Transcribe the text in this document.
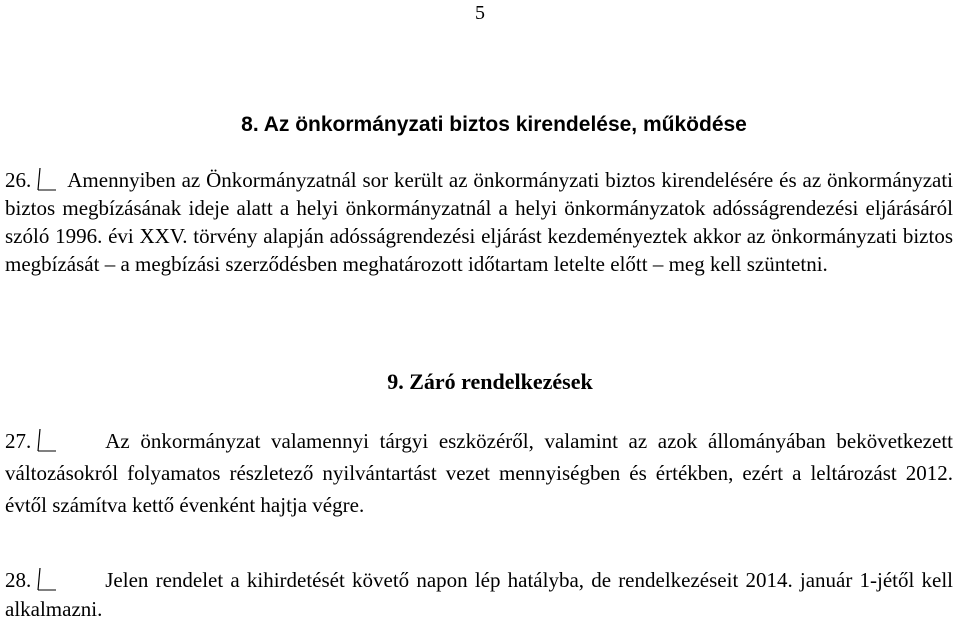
5
8. Az önkormányzati biztos kirendelése, működése
26. Amennyiben az Önkormányzatnál sor került az önkormányzati biztos kirendelésére és az önkormányzati biztos megbízásának ideje alatt a helyi önkormányzatnál a helyi önkormányzatok adósságrendezési eljárásáról szóló 1996. évi XXV. törvény alapján adósságrendezési eljárást kezdeményeztek akkor az önkormányzati biztos megbízását – a megbízási szerződésben meghatározott időtartam letelte előtt – meg kell szüntetni.
9. Záró rendelkezések
27.	Az önkormányzat valamennyi tárgyi eszközéről, valamint az azok állományában bekövetkezett változásokról folyamatos részletező nyilvántartást vezet mennyiségben és értékben, ezért a leltározást 2012. évtől számítva kettő évenként hajtja végre.
28.	Jelen rendelet a kihirdetését követő napon lép hatályba, de rendelkezéseit 2014. január 1-jétől kell alkalmazni.
